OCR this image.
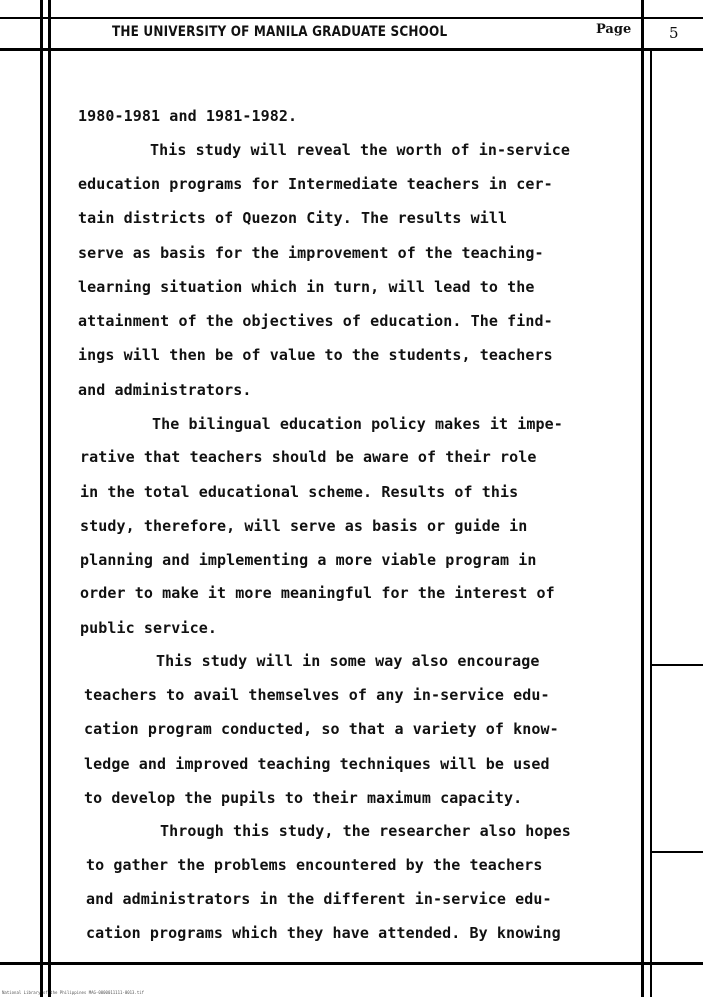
THE UNIVERSITY OF MANILA GRADUATE SCHOOL	Page	5
1980-1981 and 1981-1982.
This study will reveal the worth of in-service
education programs for Intermediate teachers in cer-
tain districts of Quezon City. The results will
serve as basis for the improvement of the teaching-
learning situation which in turn, will lead to the
attainment of the objectives of education. The find-
ings will then be of value to the students, teachers
and administrators.
The bilingual education policy makes it impe-
rative that teachers should be aware of their role
in the total educational scheme. Results of this
study, therefore, will serve as basis or guide in
planning and implementing a more viable program in
order to make it more meaningful for the interest of
public service.
This study will in some way also encourage
teachers to avail themselves of any in-service edu-
cation program conducted, so that a variety of know-
ledge and improved teaching techniques will be used
to develop the pupils to their maximum capacity.
Through this study, the researcher also hopes
to gather the problems encountered by the teachers
and administrators in the different in-service edu-
cation programs which they have attended. By knowing
National Library of the Philippines MAG-0000011111-0013.tif
